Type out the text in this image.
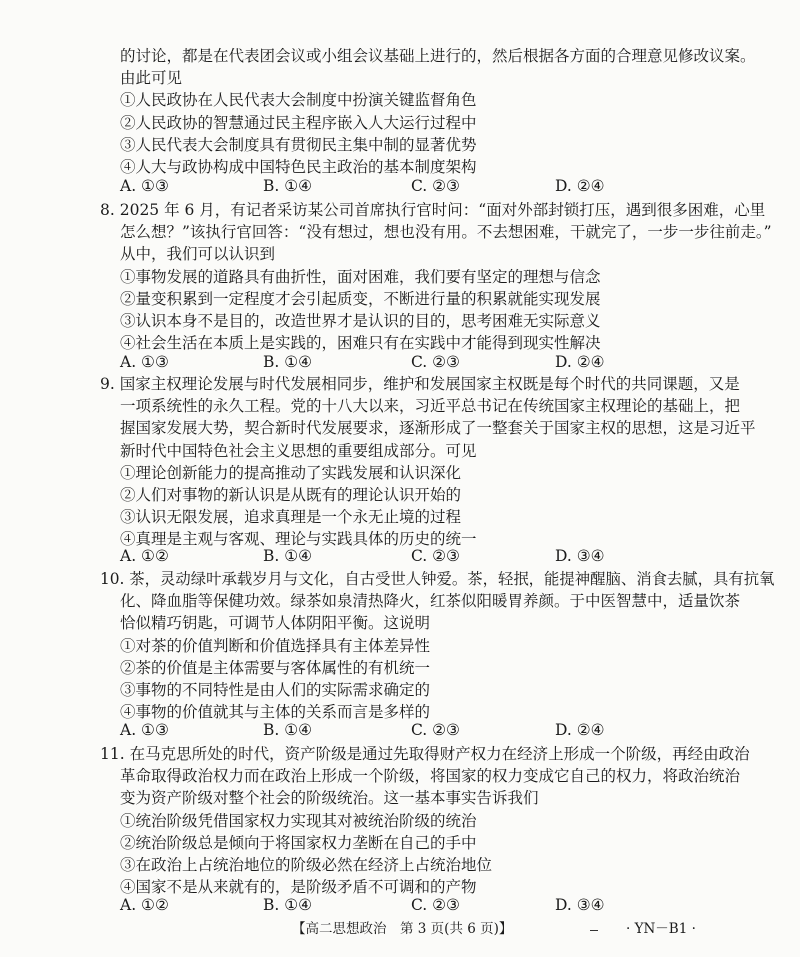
的讨论，都是在代表团会议或小组会议基础上进行的，然后根据各方面的合理意见修改议案。
由此可见
①人民政协在人民代表大会制度中扮演关键监督角色
②人民政协的智慧通过民主程序嵌入人大运行过程中
③人民代表大会制度具有贯彻民主集中制的显著优势
④人大与政协构成中国特色民主政治的基本制度架构
A. ①③	B. ①④	C. ②③	D. ②④
8. 2025 年 6 月，有记者采访某公司首席执行官时问：“面对外部封锁打压，遇到很多困难，心里
怎么想？”该执行官回答：“没有想过，想也没有用。不去想困难，干就完了，一步一步往前走。”
从中，我们可以认识到
①事物发展的道路具有曲折性，面对困难，我们要有坚定的理想与信念
②量变积累到一定程度才会引起质变，不断进行量的积累就能实现发展
③认识本身不是目的，改造世界才是认识的目的，思考困难无实际意义
④社会生活在本质上是实践的，困难只有在实践中才能得到现实性解决
A. ①③	B. ①④	C. ②③	D. ②④
9. 国家主权理论发展与时代发展相同步，维护和发展国家主权既是每个时代的共同课题，又是
一项系统性的永久工程。党的十八大以来，习近平总书记在传统国家主权理论的基础上，把
握国家发展大势，契合新时代发展要求，逐渐形成了一整套关于国家主权的思想，这是习近平
新时代中国特色社会主义思想的重要组成部分。可见
①理论创新能力的提高推动了实践发展和认识深化
②人们对事物的新认识是从既有的理论认识开始的
③认识无限发展，追求真理是一个永无止境的过程
④真理是主观与客观、理论与实践具体的历史的统一
A. ①②	B. ①④	C. ②③	D. ③④
10. 茶，灵动绿叶承载岁月与文化，自古受世人钟爱。茶，轻抿，能提神醒脑、消食去腻，具有抗氧
化、降血脂等保健功效。绿茶如泉清热降火，红茶似阳暖胃养颜。于中医智慧中，适量饮茶
恰似精巧钥匙，可调节人体阴阳平衡。这说明
①对茶的价值判断和价值选择具有主体差异性
②茶的价值是主体需要与客体属性的有机统一
③事物的不同特性是由人们的实际需求确定的
④事物的价值就其与主体的关系而言是多样的
A. ①③	B. ①④	C. ②③	D. ②④
11. 在马克思所处的时代，资产阶级是通过先取得财产权力在经济上形成一个阶级，再经由政治
革命取得政治权力而在政治上形成一个阶级，将国家的权力变成它自己的权力，将政治统治
变为资产阶级对整个社会的阶级统治。这一基本事实告诉我们
①统治阶级凭借国家权力实现其对被统治阶级的统治
②统治阶级总是倾向于将国家权力垄断在自己的手中
③在政治上占统治地位的阶级必然在经济上占统治地位
④国家不是从来就有的，是阶级矛盾不可调和的产物
A. ①②	B. ①④	C. ②③	D. ③④
【高二思想政治　第 3 页(共 6 页)】	· YN－B1 ·
